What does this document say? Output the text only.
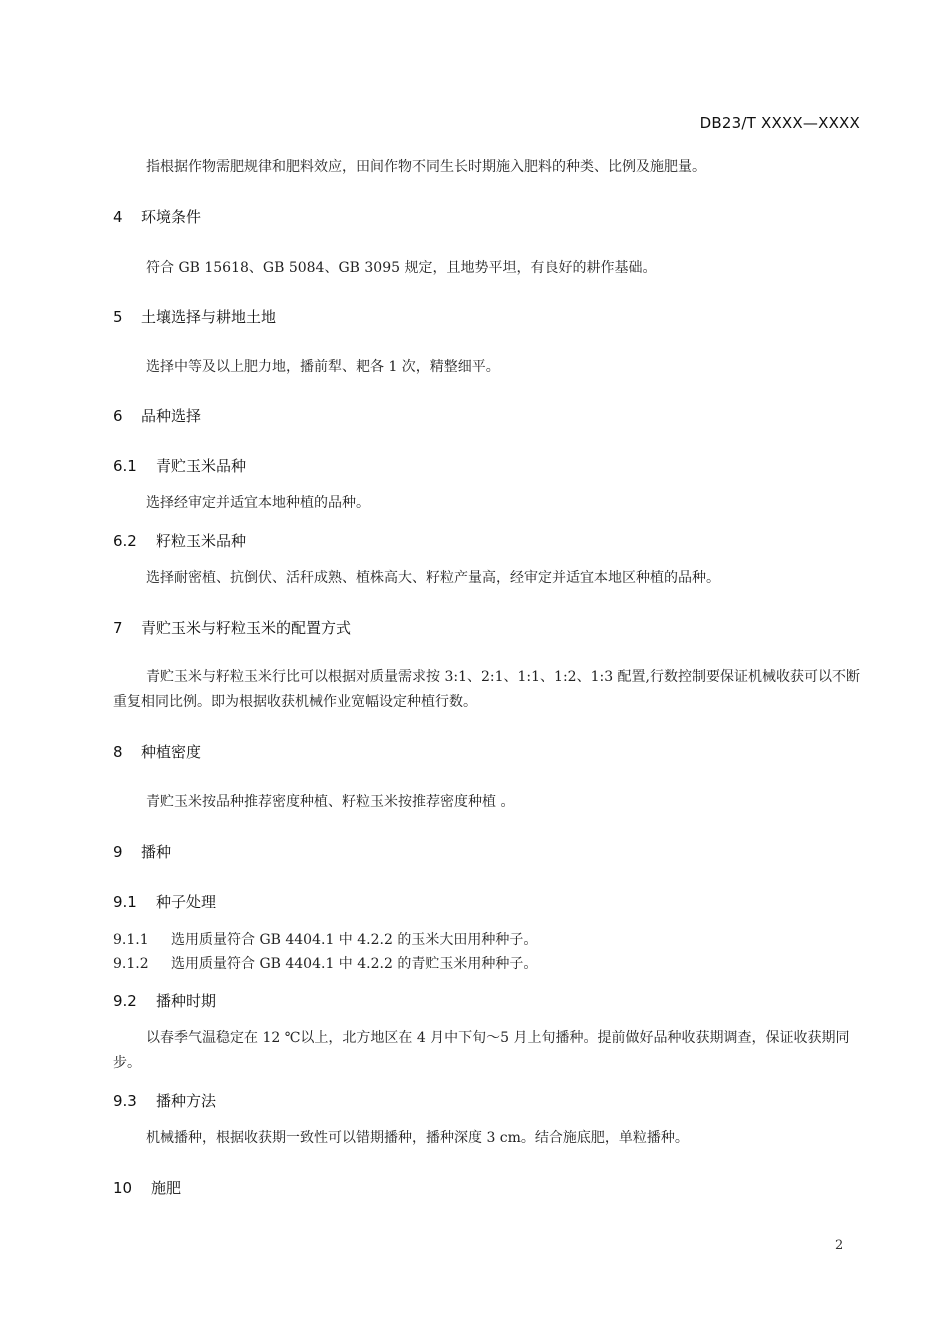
DB23/T XXXX—XXXX
指根据作物需肥规律和肥料效应，田间作物不同生长时期施入肥料的种类、比例及施肥量。
4 环境条件
符合 GB 15618、GB 5084、GB 3095 规定，且地势平坦，有良好的耕作基础。
5 土壤选择与耕地土地
选择中等及以上肥力地，播前犁、耙各 1 次，精整细平。
6 品种选择
6.1 青贮玉米品种
选择经审定并适宜本地种植的品种。
6.2 籽粒玉米品种
选择耐密植、抗倒伏、活秆成熟、植株高大、籽粒产量高，经审定并适宜本地区种植的品种。
7 青贮玉米与籽粒玉米的配置方式
青贮玉米与籽粒玉米行比可以根据对质量需求按 3:1、2:1、1:1、1:2、1:3 配置,行数控制要保证机械收获可以不断重复相同比例。即为根据收获机械作业宽幅设定种植行数。
8 种植密度
青贮玉米按品种推荐密度种植、籽粒玉米按推荐密度种植 。
9 播种
9.1 种子处理
9.1.1 选用质量符合 GB 4404.1 中 4.2.2 的玉米大田用种种子。
9.1.2 选用质量符合 GB 4404.1 中 4.2.2 的青贮玉米用种种子。
9.2 播种时期
以春季气温稳定在 12 ℃以上，北方地区在 4 月中下旬～5 月上旬播种。提前做好品种收获期调查，保证收获期同步。
9.3 播种方法
机械播种，根据收获期一致性可以错期播种，播种深度 3 cm。结合施底肥，单粒播种。
10 施肥
2
